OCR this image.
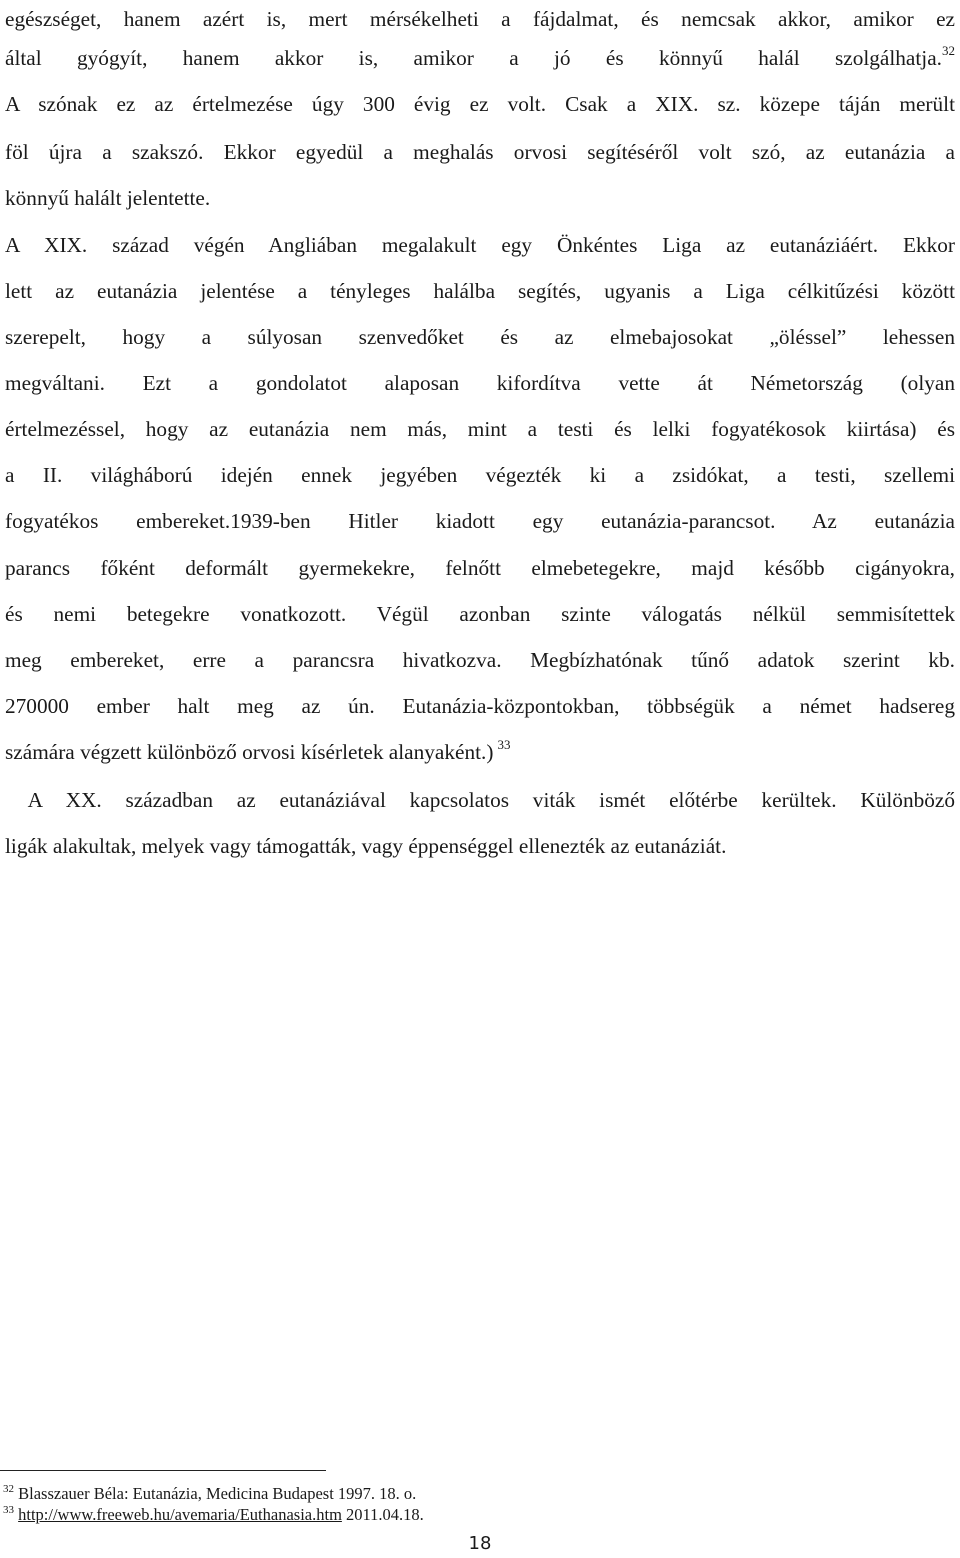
egészséget, hanem azért is, mert mérsékelheti a fájdalmat, és nemcsak akkor, amikor ez
által gyógyít, hanem akkor is, amikor a jó és könnyű halál szolgálhatja.$^{32}$
A szónak ez az értelmezése úgy 300 évig ez volt. Csak a XIX. sz. közepe táján merült
föl újra a szakszó. Ekkor egyedül a meghalás orvosi segítéséről volt szó, az eutanázia a
könnyű halált jelentette.
A XIX. század végén Angliában megalakult egy Önkéntes Liga az eutanáziáért. Ekkor
lett az eutanázia jelentése a tényleges halálba segítés, ugyanis a Liga célkitűzési között
szerepelt, hogy a súlyosan szenvedőket és az elmebajosokat „öléssel” lehessen
megváltani. Ezt a gondolatot alaposan kifordítva vette át Németország (olyan
értelmezéssel, hogy az eutanázia nem más, mint a testi és lelki fogyatékosok kiirtása) és
a II. világháború idején ennek jegyében végezték ki a zsidókat, a testi, szellemi
fogyatékos embereket.1939-ben Hitler kiadott egy eutanázia-parancsot. Az eutanázia
parancs főként deformált gyermekekre, felnőtt elmebetegekre, majd később cigányokra,
és nemi betegekre vonatkozott. Végül azonban szinte válogatás nélkül semmisítettek
meg embereket, erre a parancsra hivatkozva. Megbízhatónak tűnő adatok szerint kb.
270000 ember halt meg az ún. Eutanázia-központokban, többségük a német hadsereg
számára végzett különböző orvosi kísérletek alanyaként.) $^{33}$
A XX. században az eutanáziával kapcsolatos viták ismét előtérbe kerültek. Különböző
ligák alakultak, melyek vagy támogatták, vagy éppenséggel ellenezték az eutanáziát.
$^{32}$ Blasszauer Béla: Eutanázia, Medicina Budapest 1997. 18. o.
$^{33}$ http://www.freeweb.hu/avemaria/Euthanasia.htm 2011.04.18.
18
